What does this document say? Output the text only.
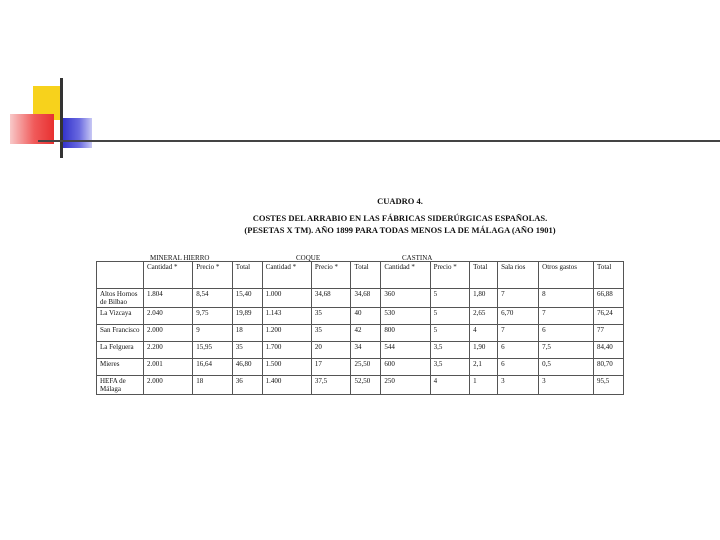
CUADRO 4.
COSTES DEL ARRABIO EN LAS FÁBRICAS SIDERÚRGICAS ESPAÑOLAS.
(PESETAS X TM). AÑO 1899 PARA TODAS MENOS LA DE MÁLAGA (AÑO 1901)
MINERAL HIERRO	COQUE	CASTINA
	Cantidad *	Precio *	Total	Cantidad *	Precio *	Total	Cantidad *	Precio *	Total	Sala rios	Otros gastos	Total
Altos Hornos de Bilbao	1.804	8,54	15,40	1.000	34,68	34,68	360	5	1,80	7	8	66,88
La Vizcaya	2.040	9,75	19,89	1.143	35	40	530	5	2,65	6,70	7	76,24
San Francisco	2.000	9	18	1.200	35	42	800	5	4	7	6	77
La Felguera	2.200	15,95	35	1.700	20	34	544	3,5	1,90	6	7,5	84,40
Mieres	2.001	16,64	46,80	1.500	17	25,50	600	3,5	2,1	6	0,5	80,70
HEFA de Málaga	2.000	18	36	1.400	37,5	52,50	250	4	1	3	3	95,5
